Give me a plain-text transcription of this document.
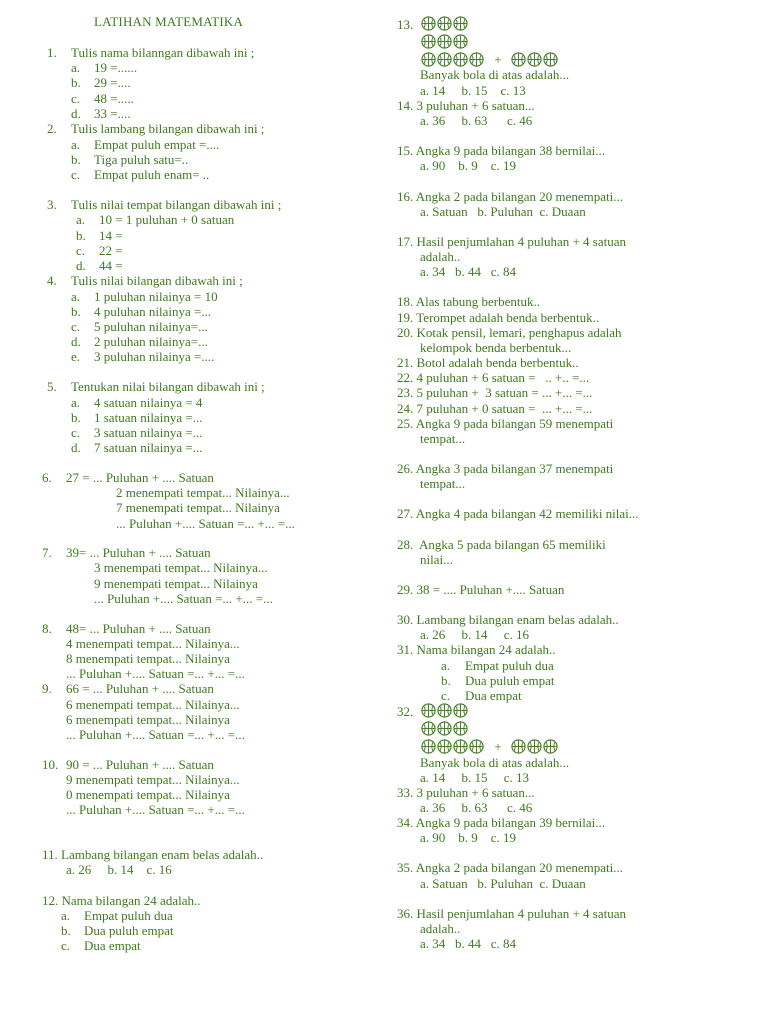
LATIHAN MATEMATIKA
1. Tulis nama bilanngan dibawah ini ;
a. 19 =......
b. 29 =....
c. 48 =.....
d. 33 =....
2. Tulis lambang bilangan dibawah ini ;
a. Empat puluh empat =....
b. Tiga puluh satu=..
c. Empat puluh enam= ..
3. Tulis nilai tempat bilangan dibawah ini ;
a. 10 = 1 puluhan + 0 satuan
b. 14 =
c. 22 =
d. 44 =
4. Tulis nilai bilangan dibawah ini ;
a. 1 puluhan nilainya = 10
b. 4 puluhan nilainya =...
c. 5 puluhan nilainya=...
d. 2 puluhan nilainya=...
e. 3 puluhan nilainya =....
5. Tentukan nilai bilangan dibawah ini ;
a. 4 satuan nilainya = 4
b. 1 satuan nilainya =...
c. 3 satuan nilainya =...
d. 7 satuan nilainya =...
6. 27 = ... Puluhan + .... Satuan
2 menempati tempat... Nilainya...
7 menempati tempat... Nilainya
... Puluhan +.... Satuan =... +... =...
7. 39= ... Puluhan + .... Satuan
3 menempati tempat... Nilainya...
9 menempati tempat... Nilainya
... Puluhan +.... Satuan =... +... =...
8. 48= ... Puluhan + .... Satuan
4 menempati tempat... Nilainya...
8 menempati tempat... Nilainya
... Puluhan +.... Satuan =... +... =...
9. 66 = ... Puluhan + .... Satuan
6 menempati tempat... Nilainya...
6 menempati tempat... Nilainya
... Puluhan +.... Satuan =... +... =...
10. 90 = ... Puluhan + .... Satuan
9 menempati tempat... Nilainya...
0 menempati tempat... Nilainya
... Puluhan +.... Satuan =... +... =...
11. Lambang bilangan enam belas adalah..
a. 26     b. 14    c. 16
12. Nama bilangan 24 adalah..
a. Empat puluh dua
b. Dua puluh empat
c. Dua empat
13.
+
Banyak bola di atas adalah...
a. 14     b. 15    c. 13
14. 3 puluhan + 6 satuan...
a. 36     b. 63      c. 46
15. Angka 9 pada bilangan 38 bernilai...
a. 90    b. 9    c. 19
16. Angka 2 pada bilangan 20 menempati...
a. Satuan   b. Puluhan  c. Duaan
17. Hasil penjumlahan 4 puluhan + 4 satuan
adalah..
a. 34   b. 44   c. 84
18. Alas tabung berbentuk..
19. Terompet adalah benda berbentuk..
20. Kotak pensil, lemari, penghapus adalah
kelompok benda berbentuk...
21. Botol adalah benda berbentuk..
22. 4 puluhan + 6 satuan =   .. +.. =...
23. 5 puluhan +  3 satuan = ... +... =...
24. 7 puluhan + 0 satuan =  ... +... =...
25. Angka 9 pada bilangan 59 menempati
tempat...
26. Angka 3 pada bilangan 37 menempati
tempat...
27. Angka 4 pada bilangan 42 memiliki nilai...
28.  Angka 5 pada bilangan 65 memiliki
nilai...
29. 38 = .... Puluhan +.... Satuan
30. Lambang bilangan enam belas adalah..
a. 26     b. 14     c. 16
31. Nama bilangan 24 adalah..
a. Empat puluh dua
b. Dua puluh empat
c. Dua empat
32.
+
Banyak bola di atas adalah...
a. 14     b. 15     c. 13
33. 3 puluhan + 6 satuan...
a. 36     b. 63      c. 46
34. Angka 9 pada bilangan 39 bernilai...
a. 90    b. 9    c. 19
35. Angka 2 pada bilangan 20 menempati...
a. Satuan   b. Puluhan  c. Duaan
36. Hasil penjumlahan 4 puluhan + 4 satuan
adalah..
a. 34   b. 44   c. 84
